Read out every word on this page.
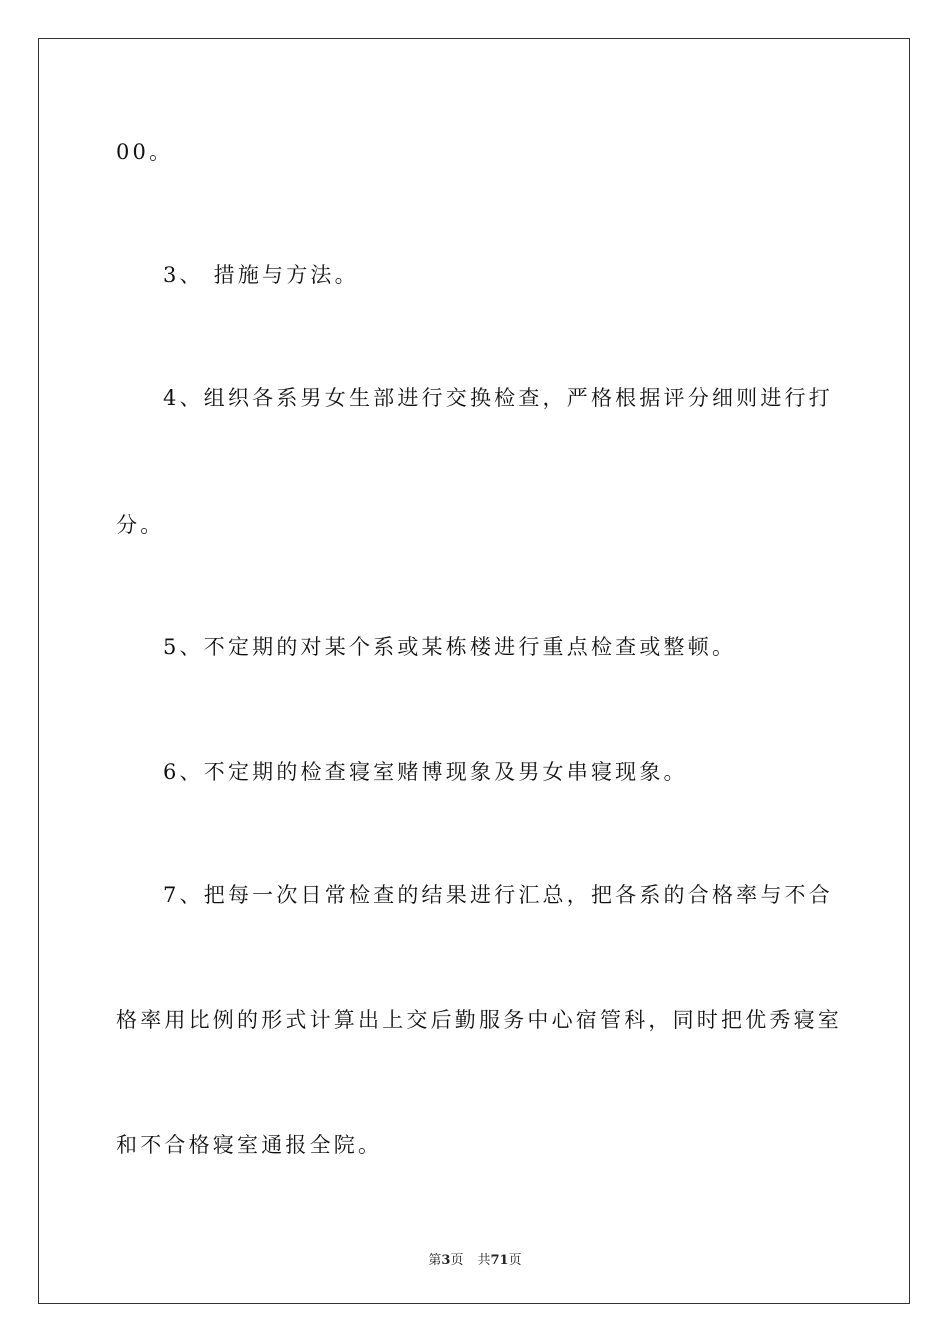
00。
3、 措施与方法。
4、组织各系男女生部进行交换检查，严格根据评分细则进行打
分。
5、不定期的对某个系或某栋楼进行重点检查或整顿。
6、不定期的检查寝室赌博现象及男女串寝现象。
7、把每一次日常检查的结果进行汇总，把各系的合格率与不合
格率用比例的形式计算出上交后勤服务中心宿管科，同时把优秀寝室
和不合格寝室通报全院。
第3页 共71页
